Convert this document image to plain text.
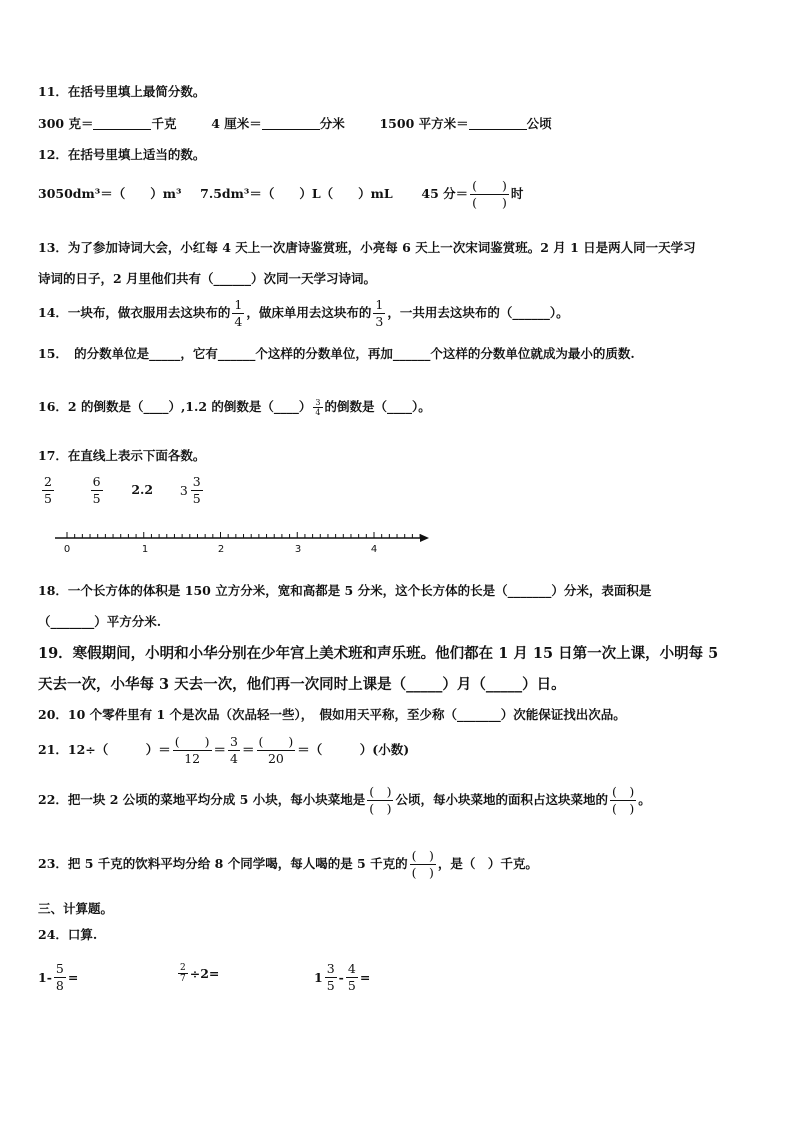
11．在括号里填上最简分数。
300 克＝	千克	4 厘米＝	分米	1500 平方米＝	公顷
12．在括号里填上适当的数。
3050dm³＝（　　）m³ 7.5dm³＝（　　）L（　　）mL 45 分＝ $\frac{( )}{( )}$ 时
13．为了参加诗词大会，小红每 4 天上一次唐诗鉴赏班，小亮每 6 天上一次宋词鉴赏班。2 月 1 日是两人同一天学习
诗词的日子，2 月里他们共有（______）次同一天学习诗词。
14．一块布，做衣服用去这块布的 $\frac{1}{4}$ ，做床单用去这块布的 $\frac{1}{3}$ ，一共用去这块布的（______）。
15．　的分数单位是_____，它有______个这样的分数单位，再加______个这样的分数单位就成为最小的质数.
16．2 的倒数是（____）,1.2 的倒数是（____） $\frac{3}{4}$ 的倒数是（____）。
17．在直线上表示下面各数。
$\frac{2}{5}$
	$\frac{6}{5} 2.2$ $3 \frac{3}{5}$
0	1	2	3	4
18．一个长方体的体积是 150 立方分米，宽和高都是 5 分米，这个长方体的长是（_______）分米，表面积是
（_______）平方分米.
19．寒假期间，小明和小华分别在少年宫上美术班和声乐班。他们都在 1 月 15 日第一次上课，小明每 5
天去一次，小华每 3 天去一次，他们再一次同时上课是（_____）月（_____）日。
20．10 个零件里有 1 个是次品（次品轻一些），　假如用天平称，至少称（_______）次能保证找出次品。
21．12÷（　　　）＝ $\frac{( )}{12} = \frac{3}{4} = \frac{( )}{20}$ ＝（　　　）(小数)
22．把一块 2 公顷的菜地平均分成 5 小块，每小块菜地是 $\frac{( )}{( )}$ 公顷，每小块菜地的面积占这块菜地的 $\frac{( )}{( )}$ 。
23．把 5 千克的饮料平均分给 8 个同学喝，每人喝的是 5 千克的 $\frac{( )}{( )}$ ，是（　）千克。
三、计算题。
24．口算.
$1- \frac{5}{8}$ =	$\frac{2}{7} \div 2=$	$1 \frac{3}{5} - \frac{4}{5}$ =
